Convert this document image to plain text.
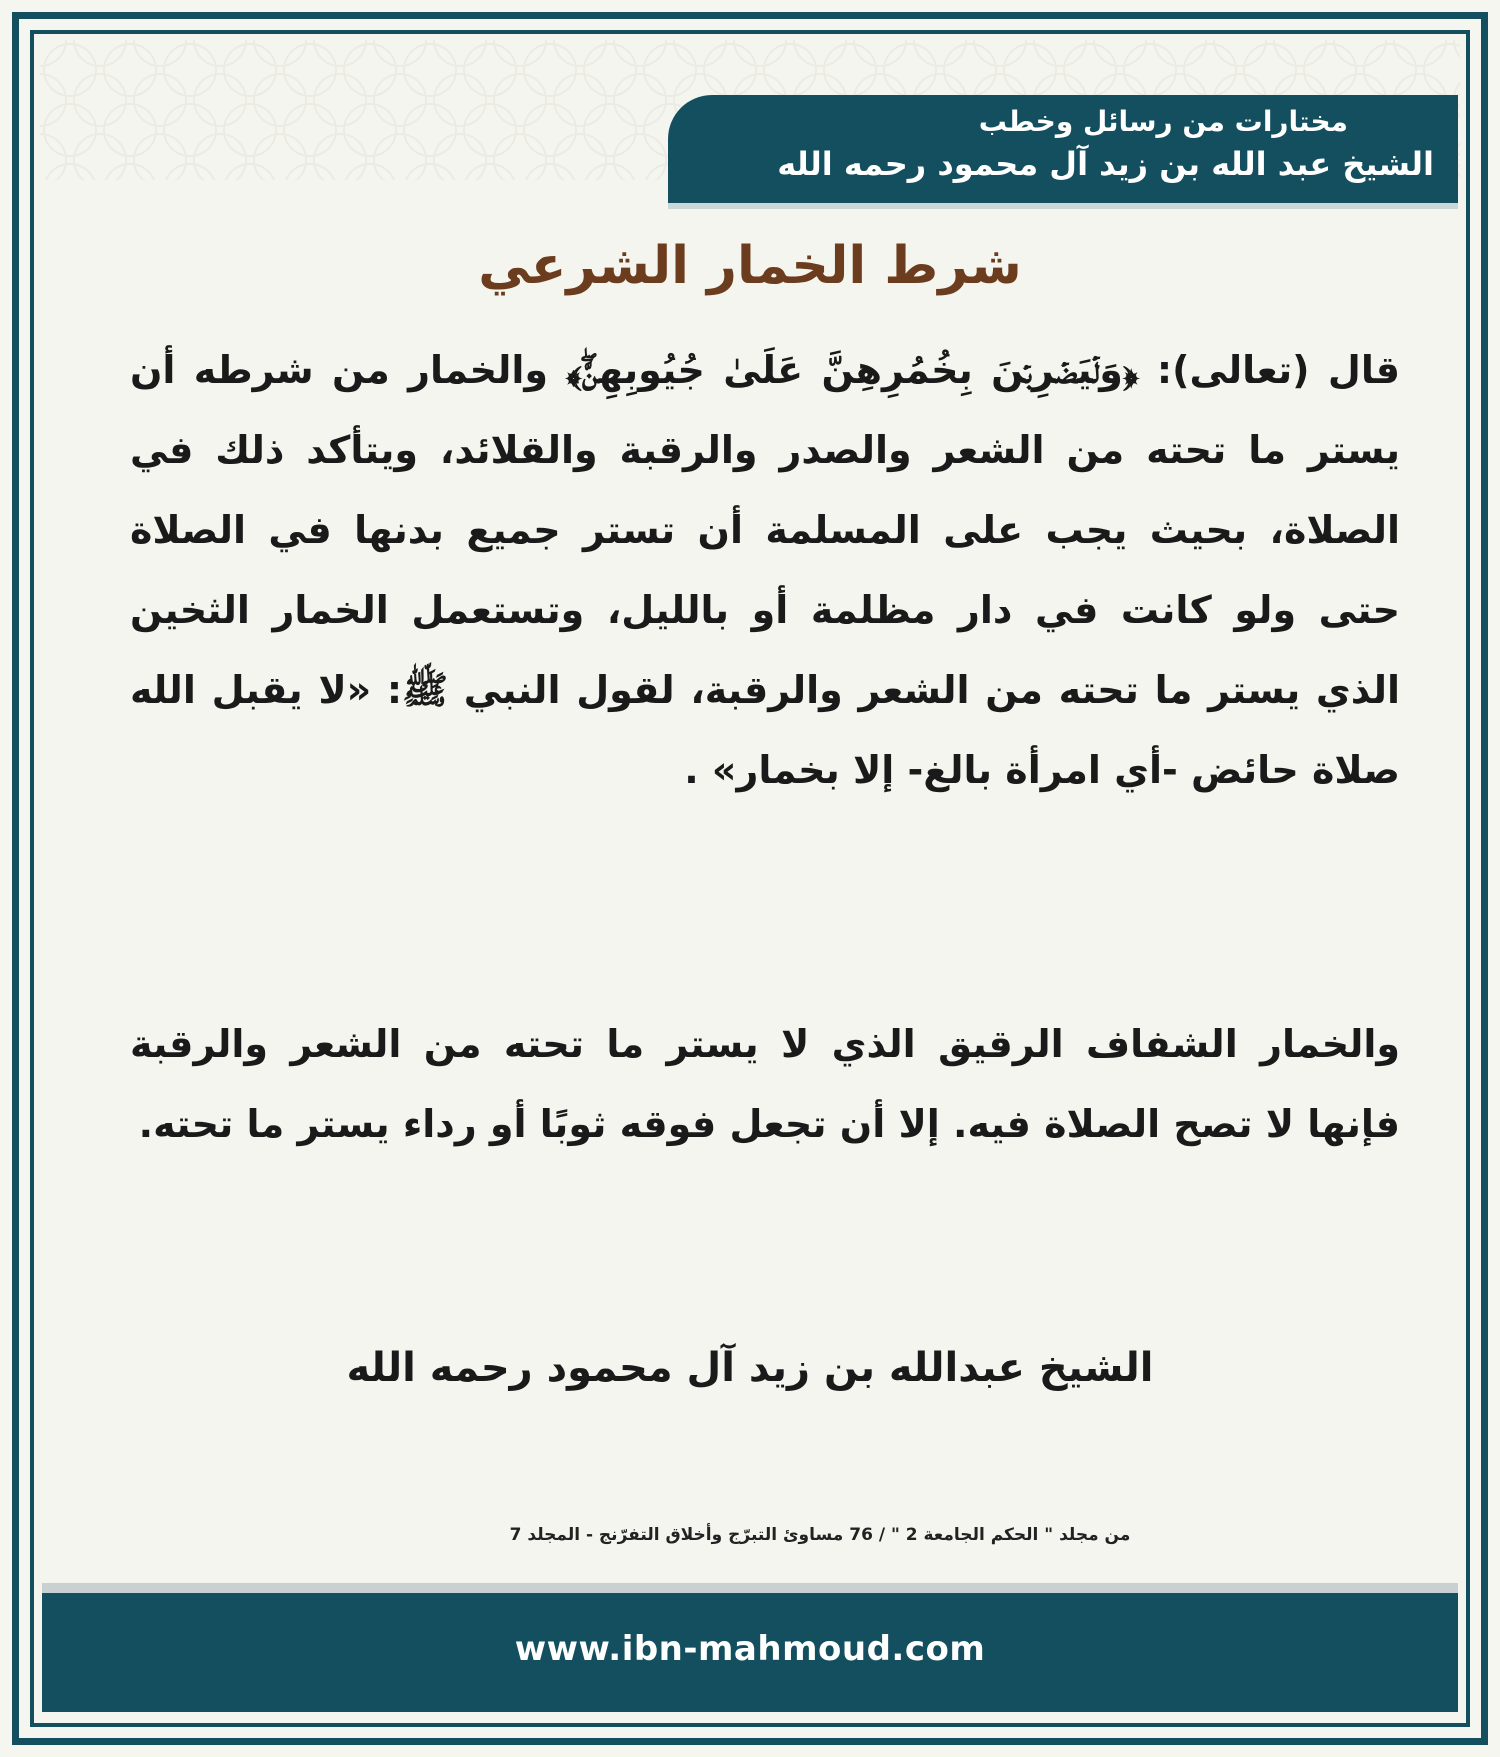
مختارات من رسائل وخطب
الشيخ عبد الله بن زيد آل محمود رحمه الله
شرط الخمار الشرعي
قال (تعالى): ﴿وَلۡيَضۡرِبۡنَ بِخُمُرِهِنَّ عَلَىٰ جُيُوبِهِنَّۖ﴾ والخمار من شرطه أن يستر ما تحته من الشعر والصدر والرقبة والقلائد، ويتأكد ذلك في الصلاة، بحيث يجب على المسلمة أن تستر جميع بدنها في الصلاة حتى ولو كانت في دار مظلمة أو بالليل، وتستعمل الخمار الثخين الذي يستر ما تحته من الشعر والرقبة، لقول النبي ﷺ: «لا يقبل الله صلاة حائض -أي امرأة بالغ- إلا بخمار» .
والخمار الشفاف الرقيق الذي لا يستر ما تحته من الشعر والرقبة فإنها لا تصح الصلاة فيه. إلا أن تجعل فوقه ثوبًا أو رداء يستر ما تحته.
الشيخ عبدالله بن زيد آل محمود رحمه الله
من مجلد " الحكم الجامعة 2 " / 76 مساوئ التبرّج وأخلاق التفرّنج - المجلد 7
www.ibn-mahmoud.com
